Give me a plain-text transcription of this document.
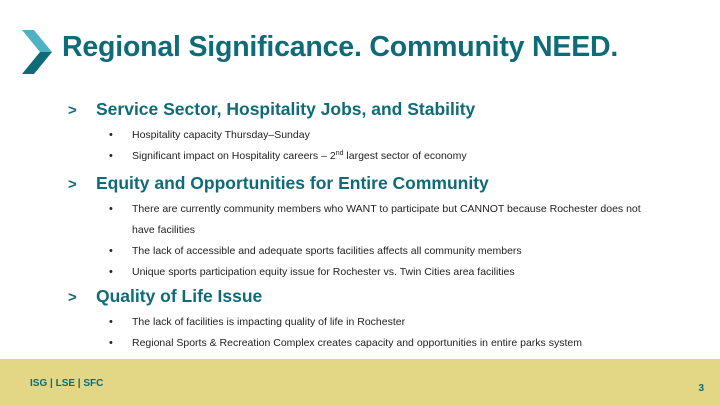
Regional Significance. Community NEED.
> Service Sector, Hospitality Jobs, and Stability
• Hospitality capacity Thursday–Sunday
• Significant impact on Hospitality careers – 2nd largest sector of economy
> Equity and Opportunities for Entire Community
• There are currently community members who WANT to participate but CANNOT because Rochester does not
have facilities
• The lack of accessible and adequate sports facilities affects all community members
• Unique sports participation equity issue for Rochester vs. Twin Cities area facilities
> Quality of Life Issue
• The lack of facilities is impacting quality of life in Rochester
• Regional Sports & Recreation Complex creates capacity and opportunities in entire parks system
ISG | LSE | SFC	3
